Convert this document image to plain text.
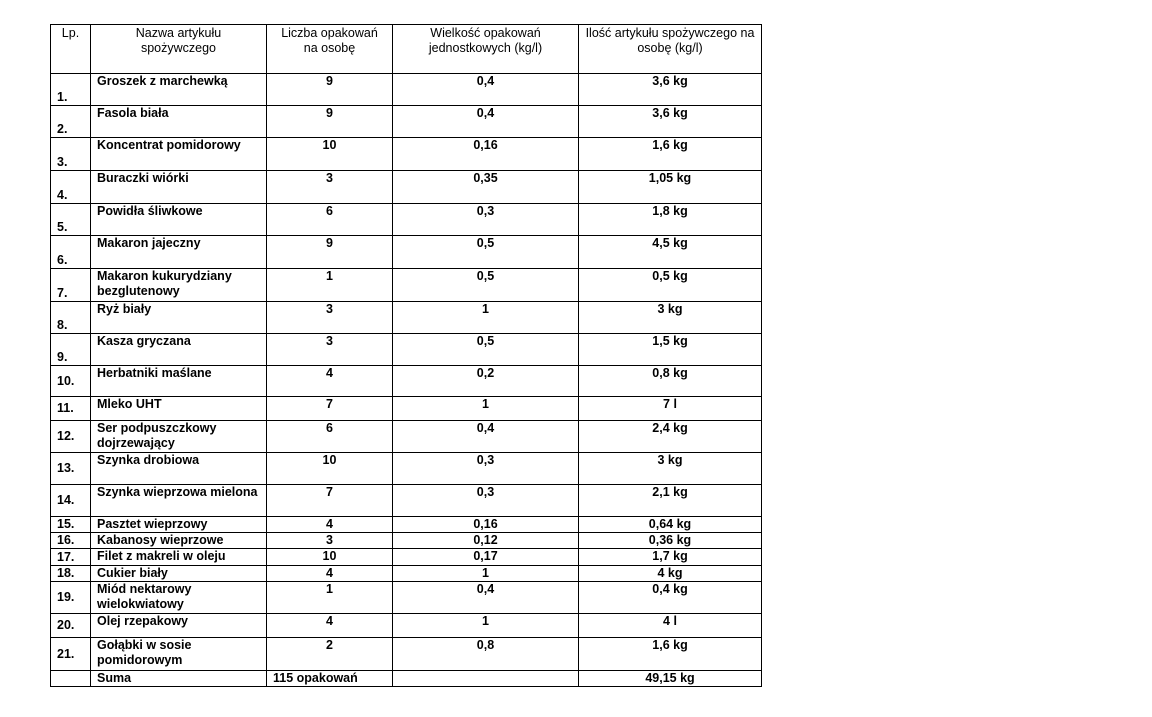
Lp.	Nazwa artykułu spożywczego	Liczba opakowań na osobę	Wielkość opakowań jednostkowych (kg/l)	Ilość artykułu spożywczego na osobę (kg/l)
1.	Groszek z marchewką	9	0,4	3,6 kg
2.	Fasola biała	9	0,4	3,6 kg
3.	Koncentrat pomidorowy	10	0,16	1,6 kg
4.	Buraczki wiórki	3	0,35	1,05 kg
5.	Powidła śliwkowe	6	0,3	1,8 kg
6.	Makaron jajeczny	9	0,5	4,5 kg
7.	Makaron kukurydziany bezglutenowy	1	0,5	0,5 kg
8.	Ryż biały	3	1	3 kg
9.	Kasza gryczana	3	0,5	1,5 kg
10.	Herbatniki maślane	4	0,2	0,8 kg
11.	Mleko UHT	7	1	7 l
12.	Ser podpuszczkowy dojrzewający	6	0,4	2,4 kg
13.	Szynka drobiowa	10	0,3	3 kg
14.	Szynka wieprzowa mielona	7	0,3	2,1 kg
15.	Pasztet wieprzowy	4	0,16	0,64 kg
16.	Kabanosy wieprzowe	3	0,12	0,36 kg
17.	Filet z makreli w oleju	10	0,17	1,7 kg
18.	Cukier biały	4	1	4 kg
19.	Miód nektarowy wielokwiatowy	1	0,4	0,4 kg
20.	Olej rzepakowy	4	1	4 l
21.	Gołąbki w sosie pomidorowym	2	0,8	1,6 kg
	Suma	115 opakowań		49,15 kg
